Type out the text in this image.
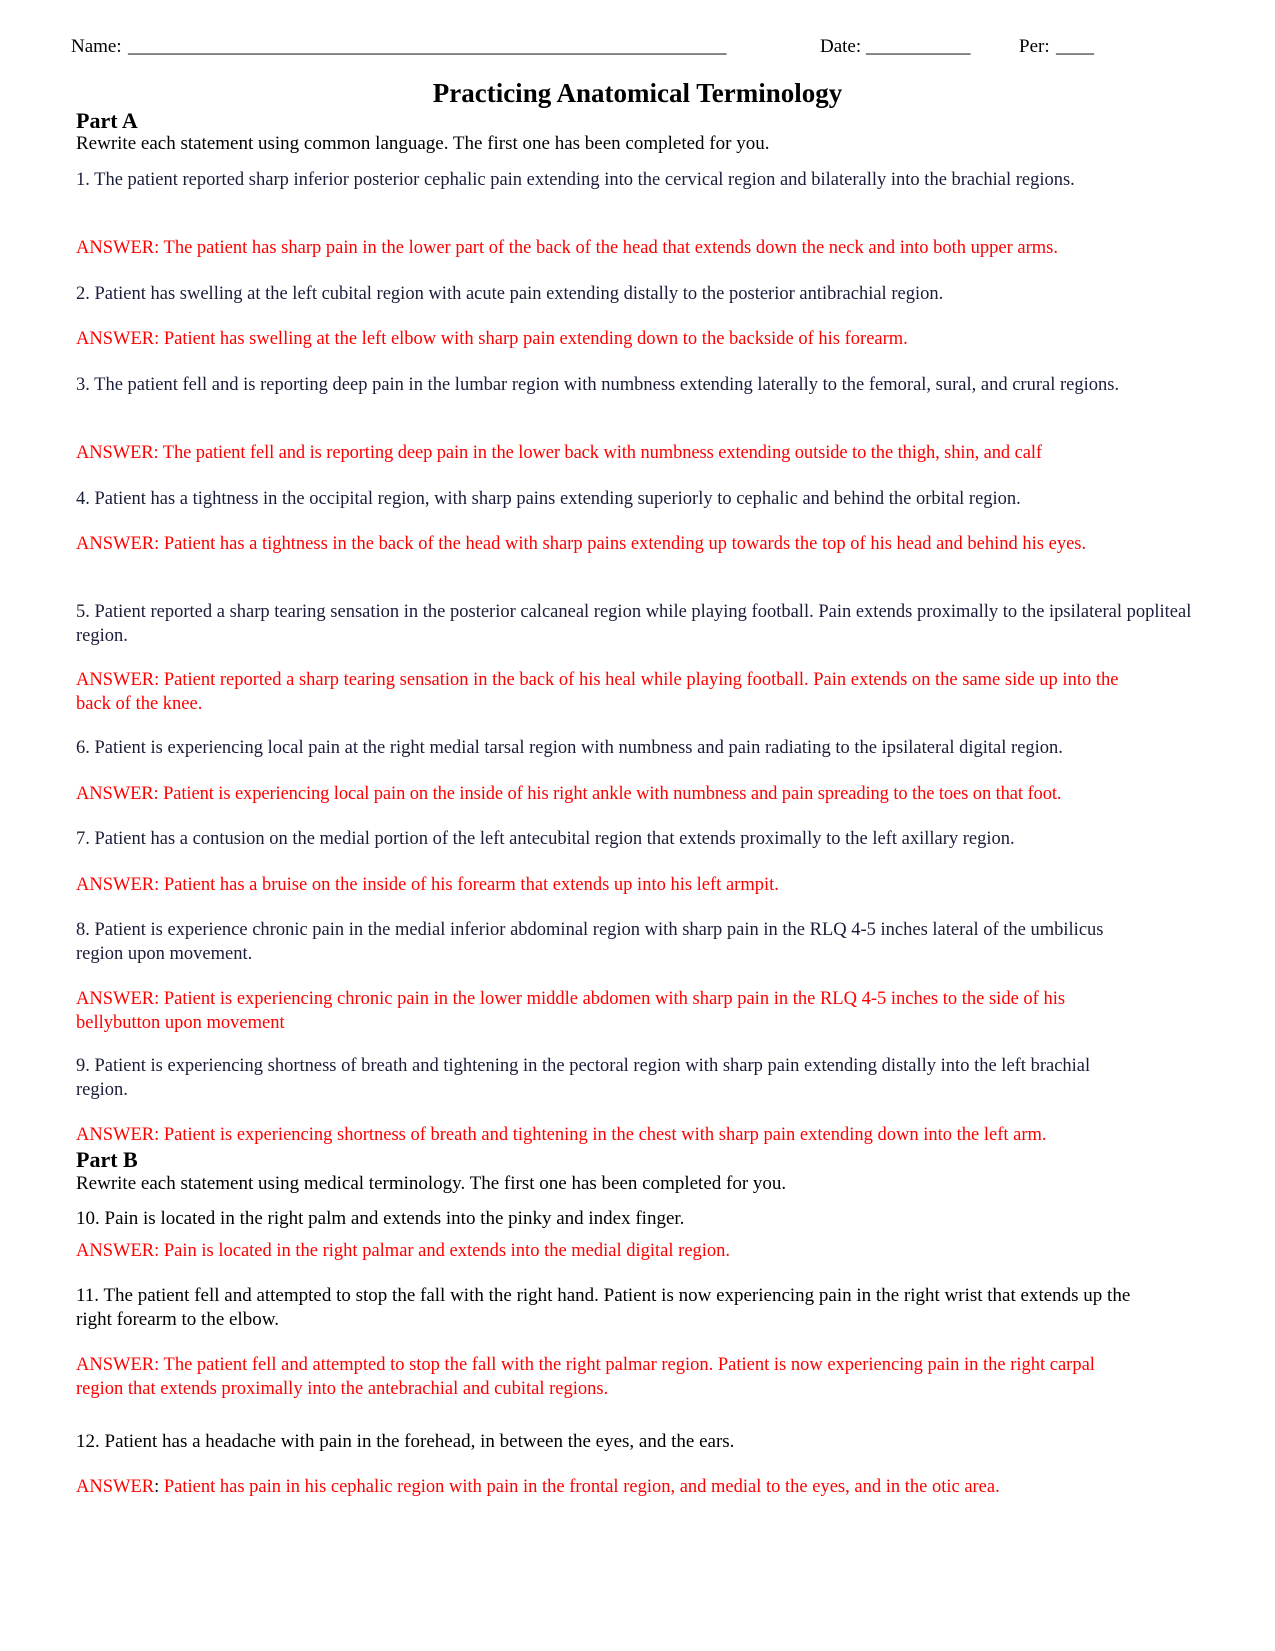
Name: _______________________________________________________________	Date: ___________	Per: ____
Practicing Anatomical Terminology
Part A
Rewrite each statement using common language. The first one has been completed for you.
1. The patient reported sharp inferior posterior cephalic pain extending into the cervical region and bilaterally into the brachial regions.
ANSWER: The patient has sharp pain in the lower part of the back of the head that extends down the neck and into both upper arms.
2. Patient has swelling at the left cubital region with acute pain extending distally to the posterior antibrachial region.
ANSWER: Patient has swelling at the left elbow with sharp pain extending down to the backside of his forearm.
3. The patient fell and is reporting deep pain in the lumbar region with numbness extending laterally to the femoral, sural, and crural regions.
ANSWER: The patient fell and is reporting deep pain in the lower back with numbness extending outside to the thigh, shin, and calf
4. Patient has a tightness in the occipital region, with sharp pains extending superiorly to cephalic and behind the orbital region.
ANSWER: Patient has a tightness in the back of the head with sharp pains extending up towards the top of his head and behind his eyes.
5. Patient reported a sharp tearing sensation in the posterior calcaneal region while playing football. Pain extends proximally to the ipsilateral popliteal region.
ANSWER: Patient reported a sharp tearing sensation in the back of his heal while playing football. Pain extends on the same side up into the back of the knee.
6. Patient is experiencing local pain at the right medial tarsal region with numbness and pain radiating to the ipsilateral digital region.
ANSWER: Patient is experiencing local pain on the inside of his right ankle with numbness and pain spreading to the toes on that foot.
7. Patient has a contusion on the medial portion of the left antecubital region that extends proximally to the left axillary region.
ANSWER: Patient has a bruise on the inside of his forearm that extends up into his left armpit.
8. Patient is experience chronic pain in the medial inferior abdominal region with sharp pain in the RLQ 4-5 inches lateral of the umbilicus region upon movement.
ANSWER: Patient is experiencing chronic pain in the lower middle abdomen with sharp pain in the RLQ 4-5 inches to the side of his bellybutton upon movement
9. Patient is experiencing shortness of breath and tightening in the pectoral region with sharp pain extending distally into the left brachial region.
ANSWER: Patient is experiencing shortness of breath and tightening in the chest with sharp pain extending down into the left arm.
Part B
Rewrite each statement using medical terminology. The first one has been completed for you.
10. Pain is located in the right palm and extends into the pinky and index finger.
ANSWER: Pain is located in the right palmar and extends into the medial digital region.
11. The patient fell and attempted to stop the fall with the right hand. Patient is now experiencing pain in the right wrist that extends up the right forearm to the elbow.
ANSWER: The patient fell and attempted to stop the fall with the right palmar region. Patient is now experiencing pain in the right carpal region that extends proximally into the antebrachial and cubital regions.
12. Patient has a headache with pain in the forehead, in between the eyes, and the ears.
ANSWER: Patient has pain in his cephalic region with pain in the frontal region, and medial to the eyes, and in the otic area.
